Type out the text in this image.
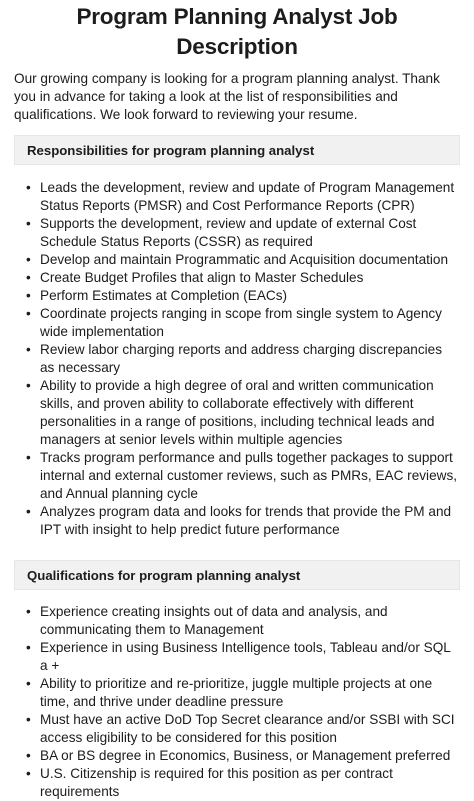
Program Planning Analyst Job Description

Our growing company is looking for a program planning analyst. Thank you in advance for taking a look at the list of responsibilities and qualifications. We look forward to reviewing your resume.

Responsibilities for program planning analyst
• Leads the development, review and update of Program Management Status Reports (PMSR) and Cost Performance Reports (CPR)
• Supports the development, review and update of external Cost Schedule Status Reports (CSSR) as required
• Develop and maintain Programmatic and Acquisition documentation
• Create Budget Profiles that align to Master Schedules
• Perform Estimates at Completion (EACs)
• Coordinate projects ranging in scope from single system to Agency wide implementation
• Review labor charging reports and address charging discrepancies as necessary
• Ability to provide a high degree of oral and written communication skills, and proven ability to collaborate effectively with different personalities in a range of positions, including technical leads and managers at senior levels within multiple agencies
• Tracks program performance and pulls together packages to support internal and external customer reviews, such as PMRs, EAC reviews, and Annual planning cycle
• Analyzes program data and looks for trends that provide the PM and IPT with insight to help predict future performance
Qualifications for program planning analyst
• Experience creating insights out of data and analysis, and communicating them to Management
• Experience in using Business Intelligence tools, Tableau and/or SQL a +
• Ability to prioritize and re-prioritize, juggle multiple projects at one time, and thrive under deadline pressure
• Must have an active DoD Top Secret clearance and/or SSBI with SCI access eligibility to be considered for this position
• BA or BS degree in Economics, Business, or Management preferred
• U.S. Citizenship is required for this position as per contract requirements
